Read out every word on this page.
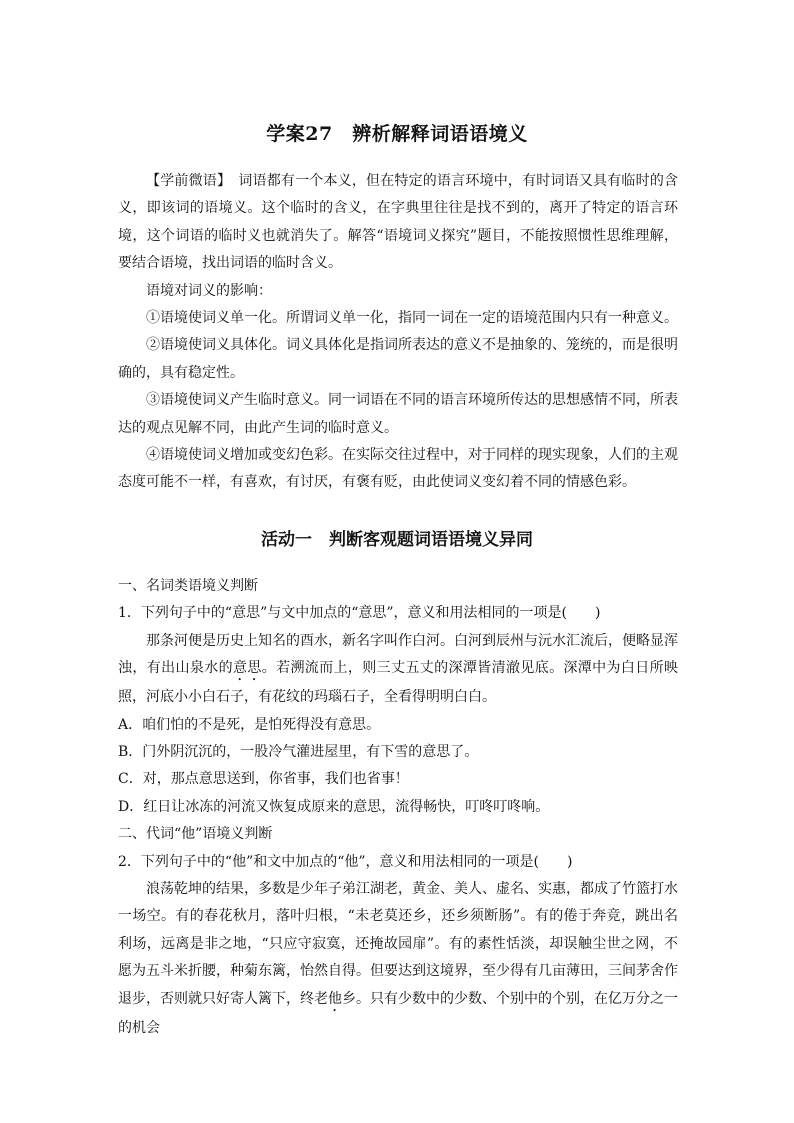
学案27　辨析解释词语语境义

【学前微语】  词语都有一个本义，但在特定的语言环境中，有时词语又具有临时的含义，即该词的语境义。这个临时的含义，在字典里往往是找不到的，离开了特定的语言环境，这个词语的临时义也就消失了。解答“语境词义探究”题目，不能按照惯性思维理解，要结合语境，找出词语的临时含义。

语境对词义的影响：

①语境使词义单一化。所谓词义单一化，指同一词在一定的语境范围内只有一种意义。

②语境使词义具体化。词义具体化是指词所表达的意义不是抽象的、笼统的，而是很明确的，具有稳定性。

③语境使词义产生临时意义。同一词语在不同的语言环境所传达的思想感情不同，所表达的观点见解不同，由此产生词的临时意义。

④语境使词义增加或变幻色彩。在实际交往过程中，对于同样的现实现象，人们的主观态度可能不一样，有喜欢，有讨厌，有褒有贬，由此使词义变幻着不同的情感色彩。

活动一　判断客观题词语语境义异同

一、名词类语境义判断

1．下列句子中的“意思”与文中加点的“意思”，意义和用法相同的一项是(　　)

那条河便是历史上知名的酉水，新名字叫作白河。白河到辰州与沅水汇流后，便略显浑浊，有出山泉水的意思。若溯流而上，则三丈五丈的深潭皆清澈见底。深潭中为白日所映照，河底小小白石子，有花纹的玛瑙石子，全看得明明白白。

A．咱们怕的不是死，是怕死得没有意思。

B．门外阴沉沉的，一股冷气灌进屋里，有下雪的意思了。

C．对，那点意思送到，你省事，我们也省事！

D．红日让冰冻的河流又恢复成原来的意思，流得畅快，叮咚叮咚响。

二、代词“他”语境义判断

2．下列句子中的“他”和文中加点的“他”，意义和用法相同的一项是(　　)

浪荡乾坤的结果，多数是少年子弟江湖老，黄金、美人、虚名、实惠，都成了竹篮打水一场空。有的春花秋月，落叶归根，“未老莫还乡，还乡须断肠”。有的倦于奔竞，跳出名利场，远离是非之地，“只应守寂寞，还掩故园扉”。有的素性恬淡，却误触尘世之网，不愿为五斗米折腰，种菊东篱，怡然自得。但要达到这境界，至少得有几亩薄田，三间茅舍作退步，否则就只好寄人篱下，终老他乡。只有少数中的少数、个别中的个别，在亿万分之一的机会
